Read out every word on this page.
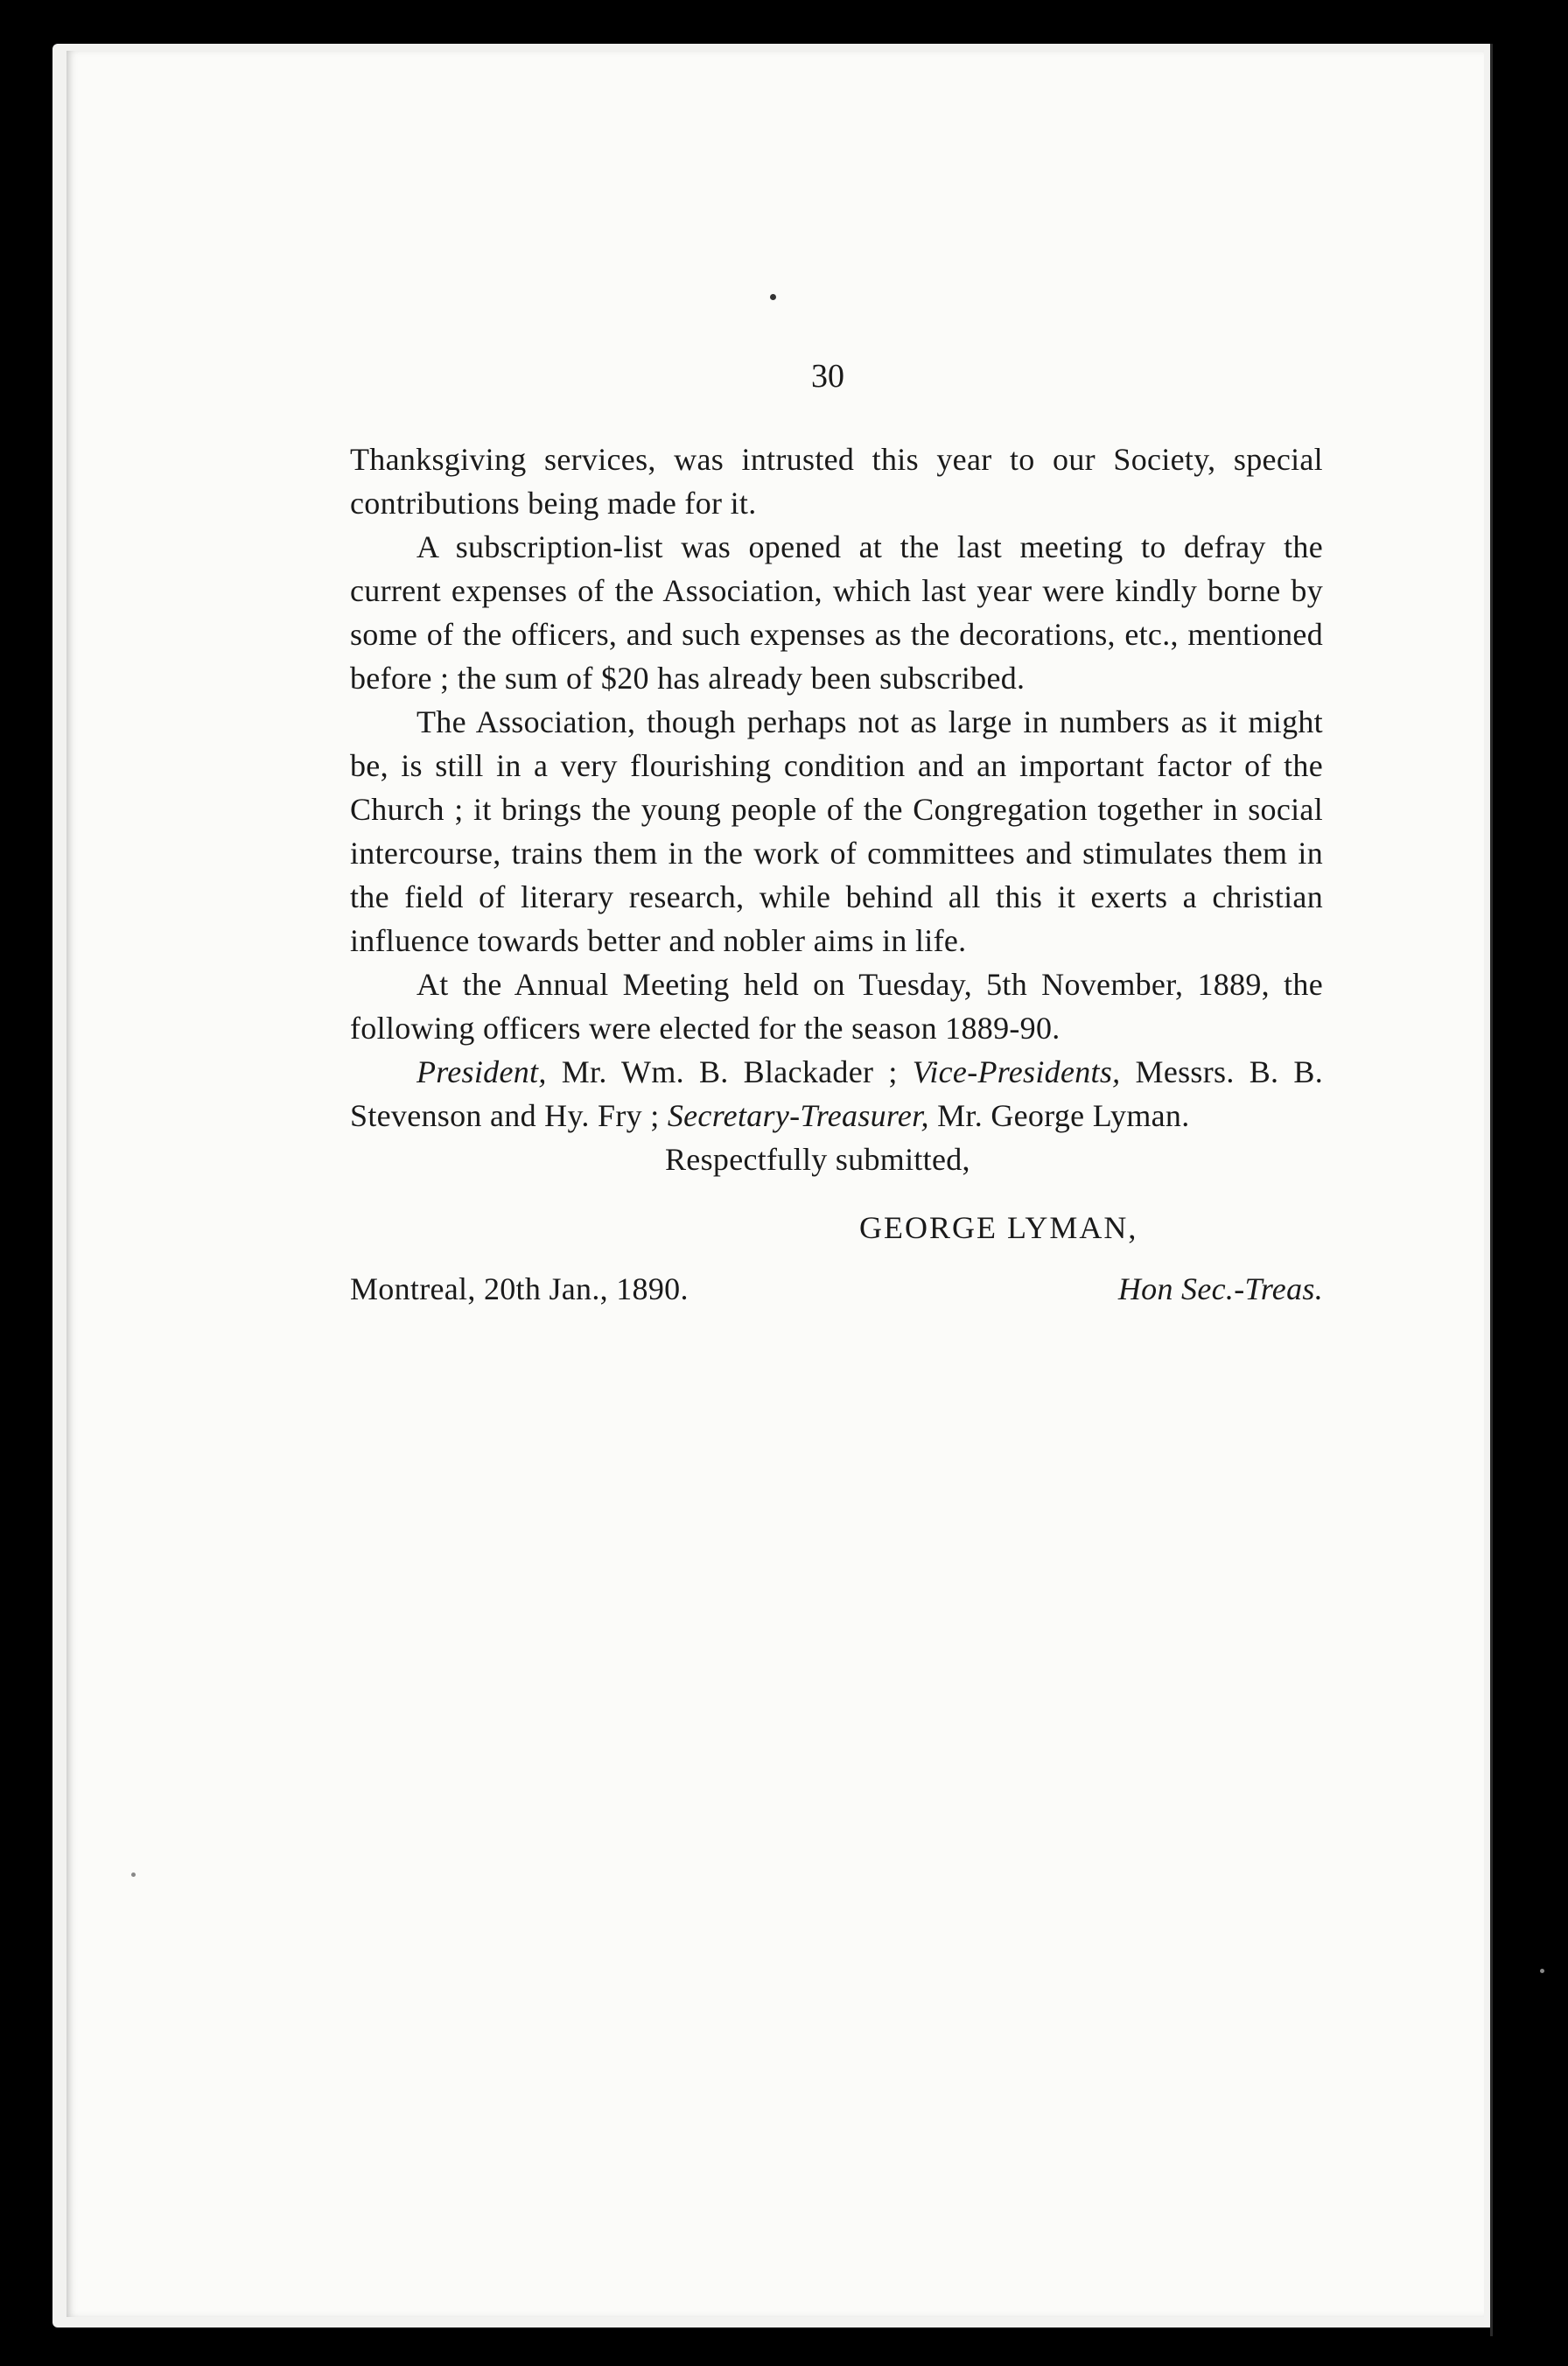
30

Thanksgiving services, was intrusted this year to our Society, special contributions being made for it.

A subscription-list was opened at the last meeting to defray the current expenses of the Association, which last year were kindly borne by some of the officers, and such expenses as the decorations, etc., mentioned before ; the sum of $20 has already been subscribed.

The Association, though perhaps not as large in numbers as it might be, is still in a very flourishing condition and an important factor of the Church ; it brings the young people of the Congregation together in social intercourse, trains them in the work of committees and stimulates them in the field of literary research, while behind all this it exerts a christian influence towards better and nobler aims in life.

At the Annual Meeting held on Tuesday, 5th November, 1889, the following officers were elected for the season 1889-90.

President, Mr. Wm. B. Blackader ; Vice-Presidents, Messrs. B. B. Stevenson and Hy. Fry ; Secretary-Treasurer, Mr. George Lyman.

Respectfully submitted,

GEORGE LYMAN,

Montreal, 20th Jan., 1890.	Hon Sec.-Treas.
